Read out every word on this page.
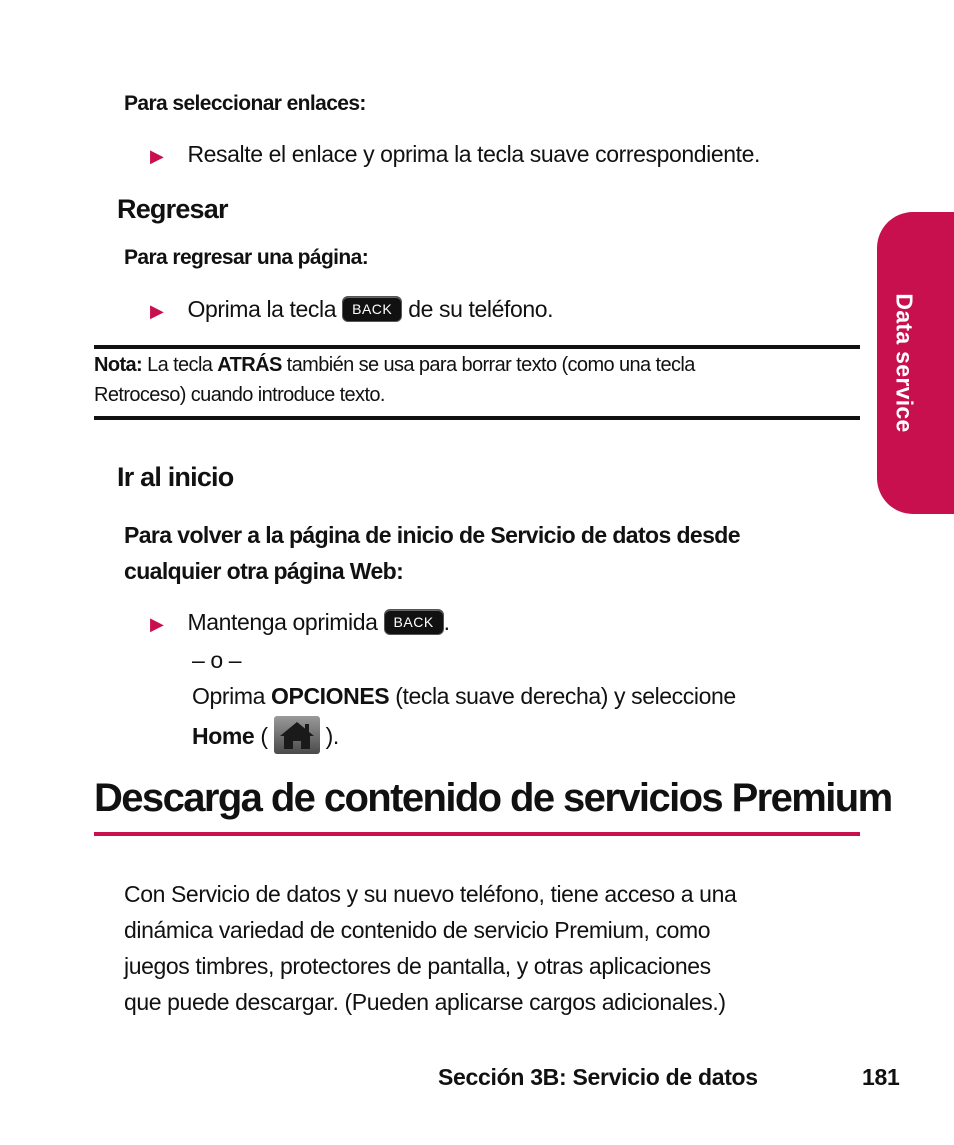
Data service
Para seleccionar enlaces:
▶ Resalte el enlace y oprima la tecla suave correspondiente.
Regresar
Para regresar una página:
▶ Oprima la tecla BACK de su teléfono.
Nota: La tecla ATRÁS también se usa para borrar texto (como una tecla
Retroceso) cuando introduce texto.
Ir al inicio
Para volver a la página de inicio de Servicio de datos desde
cualquier otra página Web:
▶ Mantenga oprimida BACK .
– o –
Oprima OPCIONES (tecla suave derecha) y seleccione
Home (	).
Descarga de contenido de servicios Premium
Con Servicio de datos y su nuevo teléfono, tiene acceso a una
dinámica variedad de contenido de servicio Premium, como
juegos timbres, protectores de pantalla, y otras aplicaciones
que puede descargar. (Pueden aplicarse cargos adicionales.)
Sección 3B: Servicio de datos	181
